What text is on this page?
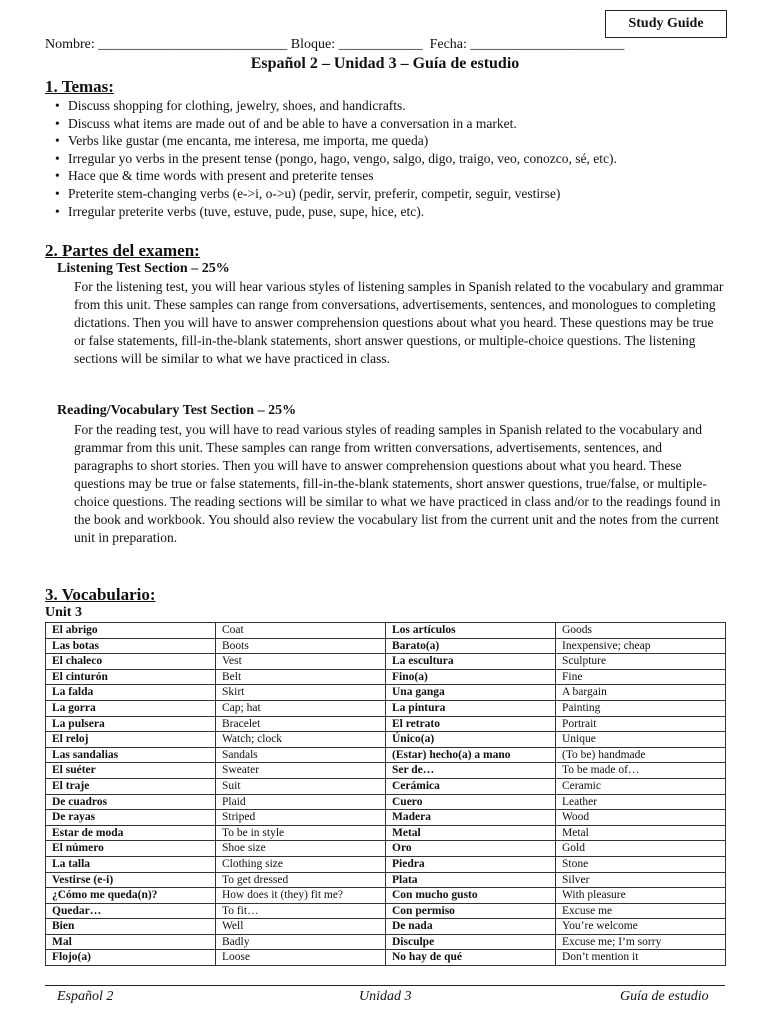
Study Guide
Nombre: ___________________________ Bloque: ____________  Fecha: ______________________
Español 2 – Unidad 3 – Guía de estudio
1. Temas:
• Discuss shopping for clothing, jewelry, shoes, and handicrafts.
• Discuss what items are made out of and be able to have a conversation in a market.
• Verbs like gustar (me encanta, me interesa, me importa, me queda)
• Irregular yo verbs in the present tense (pongo, hago, vengo, salgo, digo, traigo, veo, conozco, sé, etc).
• Hace que & time words with present and preterite tenses
• Preterite stem-changing verbs (e->i, o->u) (pedir, servir, preferir, competir, seguir, vestirse)
• Irregular preterite verbs (tuve, estuve, pude, puse, supe, hice, etc).
2. Partes del examen:
Listening Test Section – 25%

For the listening test, you will hear various styles of listening samples in Spanish related to the vocabulary and grammar from this unit. These samples can range from conversations, advertisements, sentences, and monologues to completing dictations. Then you will have to answer comprehension questions about what you heard. These questions may be true or false statements, fill-in-the-blank statements, short answer questions, or multiple-choice questions. The listening sections will be similar to what we have practiced in class.

Reading/Vocabulary Test Section – 25%

For the reading test, you will have to read various styles of reading samples in Spanish related to the vocabulary and grammar from this unit. These samples can range from written conversations, advertisements, sentences, and paragraphs to short stories. Then you will have to answer comprehension questions about what you heard. These questions may be true or false statements, fill-in-the-blank statements, short answer questions, true/false, or multiple-choice questions. The reading sections will be similar to what we have practiced in class and/or to the readings found in the book and workbook. You should also review the vocabulary list from the current unit and the notes from the current unit in preparation.

3. Vocabulario:
Unit 3
El abrigo	Coat	Los artículos	Goods
Las botas	Boots	Barato(a)	Inexpensive; cheap
El chaleco	Vest	La escultura	Sculpture
El cinturón	Belt	Fino(a)	Fine
La falda	Skirt	Una ganga	A bargain
La gorra	Cap; hat	La pintura	Painting
La pulsera	Bracelet	El retrato	Portrait
El reloj	Watch; clock	Único(a)	Unique
Las sandalias	Sandals	(Estar) hecho(a) a mano	(To be) handmade
El suéter	Sweater	Ser de…	To be made of…
El traje	Suit	Cerámica	Ceramic
De cuadros	Plaid	Cuero	Leather
De rayas	Striped	Madera	Wood
Estar de moda	To be in style	Metal	Metal
El número	Shoe size	Oro	Gold
La talla	Clothing size	Piedra	Stone
Vestirse (e-i)	To get dressed	Plata	Silver
¿Cómo me queda(n)?	How does it (they) fit me?	Con mucho gusto	With pleasure
Quedar…	To fit…	Con permiso	Excuse me
Bien	Well	De nada	You’re welcome
Mal	Badly	Disculpe	Excuse me; I’m sorry
Flojo(a)	Loose	No hay de qué	Don’t mention it
Español 2	Unidad 3	Guía de estudio
